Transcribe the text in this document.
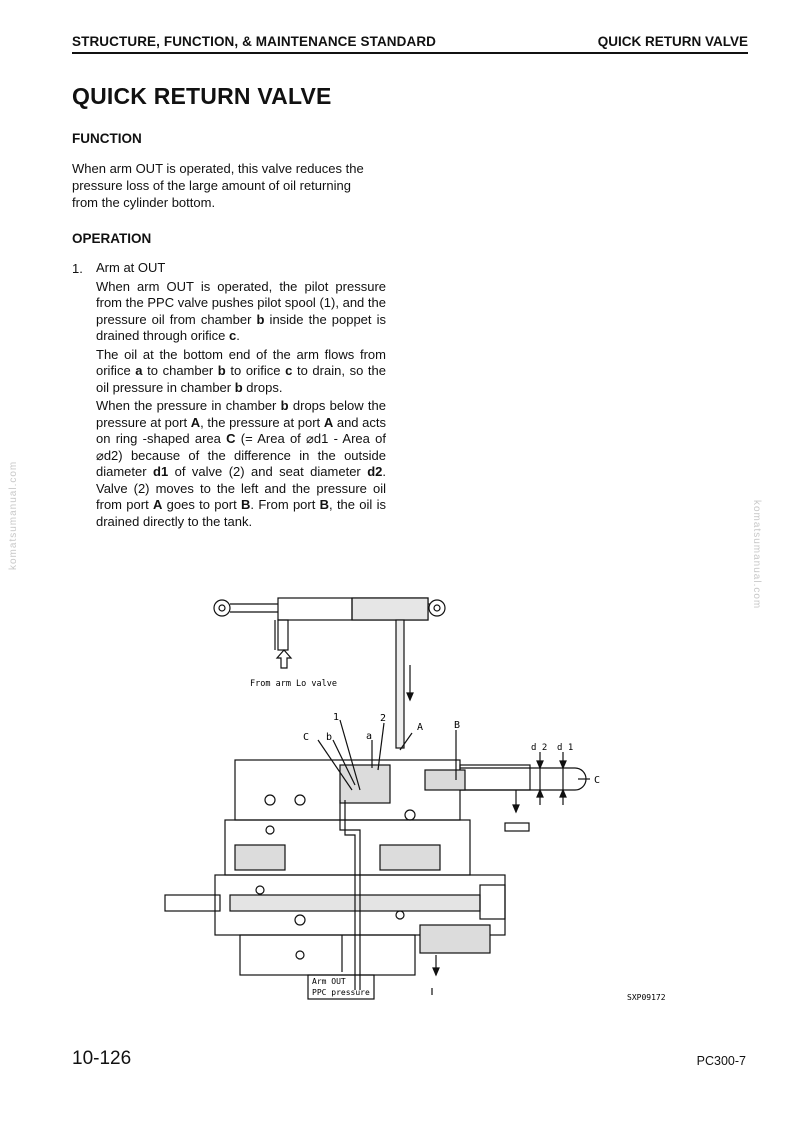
STRUCTURE, FUNCTION, & MAINTENANCE STANDARD	QUICK RETURN VALVE
QUICK RETURN VALVE
FUNCTION
When arm OUT is operated, this valve reduces the pressure loss of the large amount of oil returning from the cylinder bottom.
OPERATION
1. Arm at OUT

When arm OUT is operated, the pilot pressure from the PPC valve pushes pilot spool (1), and the pressure oil from chamber b inside the poppet is drained through orifice c.

The oil at the bottom end of the arm flows from orifice a to chamber b to orifice c to drain, so the oil pressure in chamber b drops.

When the pressure in chamber b drops below the pressure at port A, the pressure at port A and acts on ring -shaped area C (= Area of ⌀d1 - Area of ⌀d2) because of the difference in the outside diameter d1 of valve (2) and seat diameter d2. Valve (2) moves to the left and the pressure oil from port A goes to port B. From port B, the oil is drained directly to the tank.

komatsumanual.com	komatsumanual.com
From arm Lo valve
Arm OUT
PPC pressure
1	2
a
b
C
A	B
d 2 d 1
C
SXP09172
10-126	PC300-7
